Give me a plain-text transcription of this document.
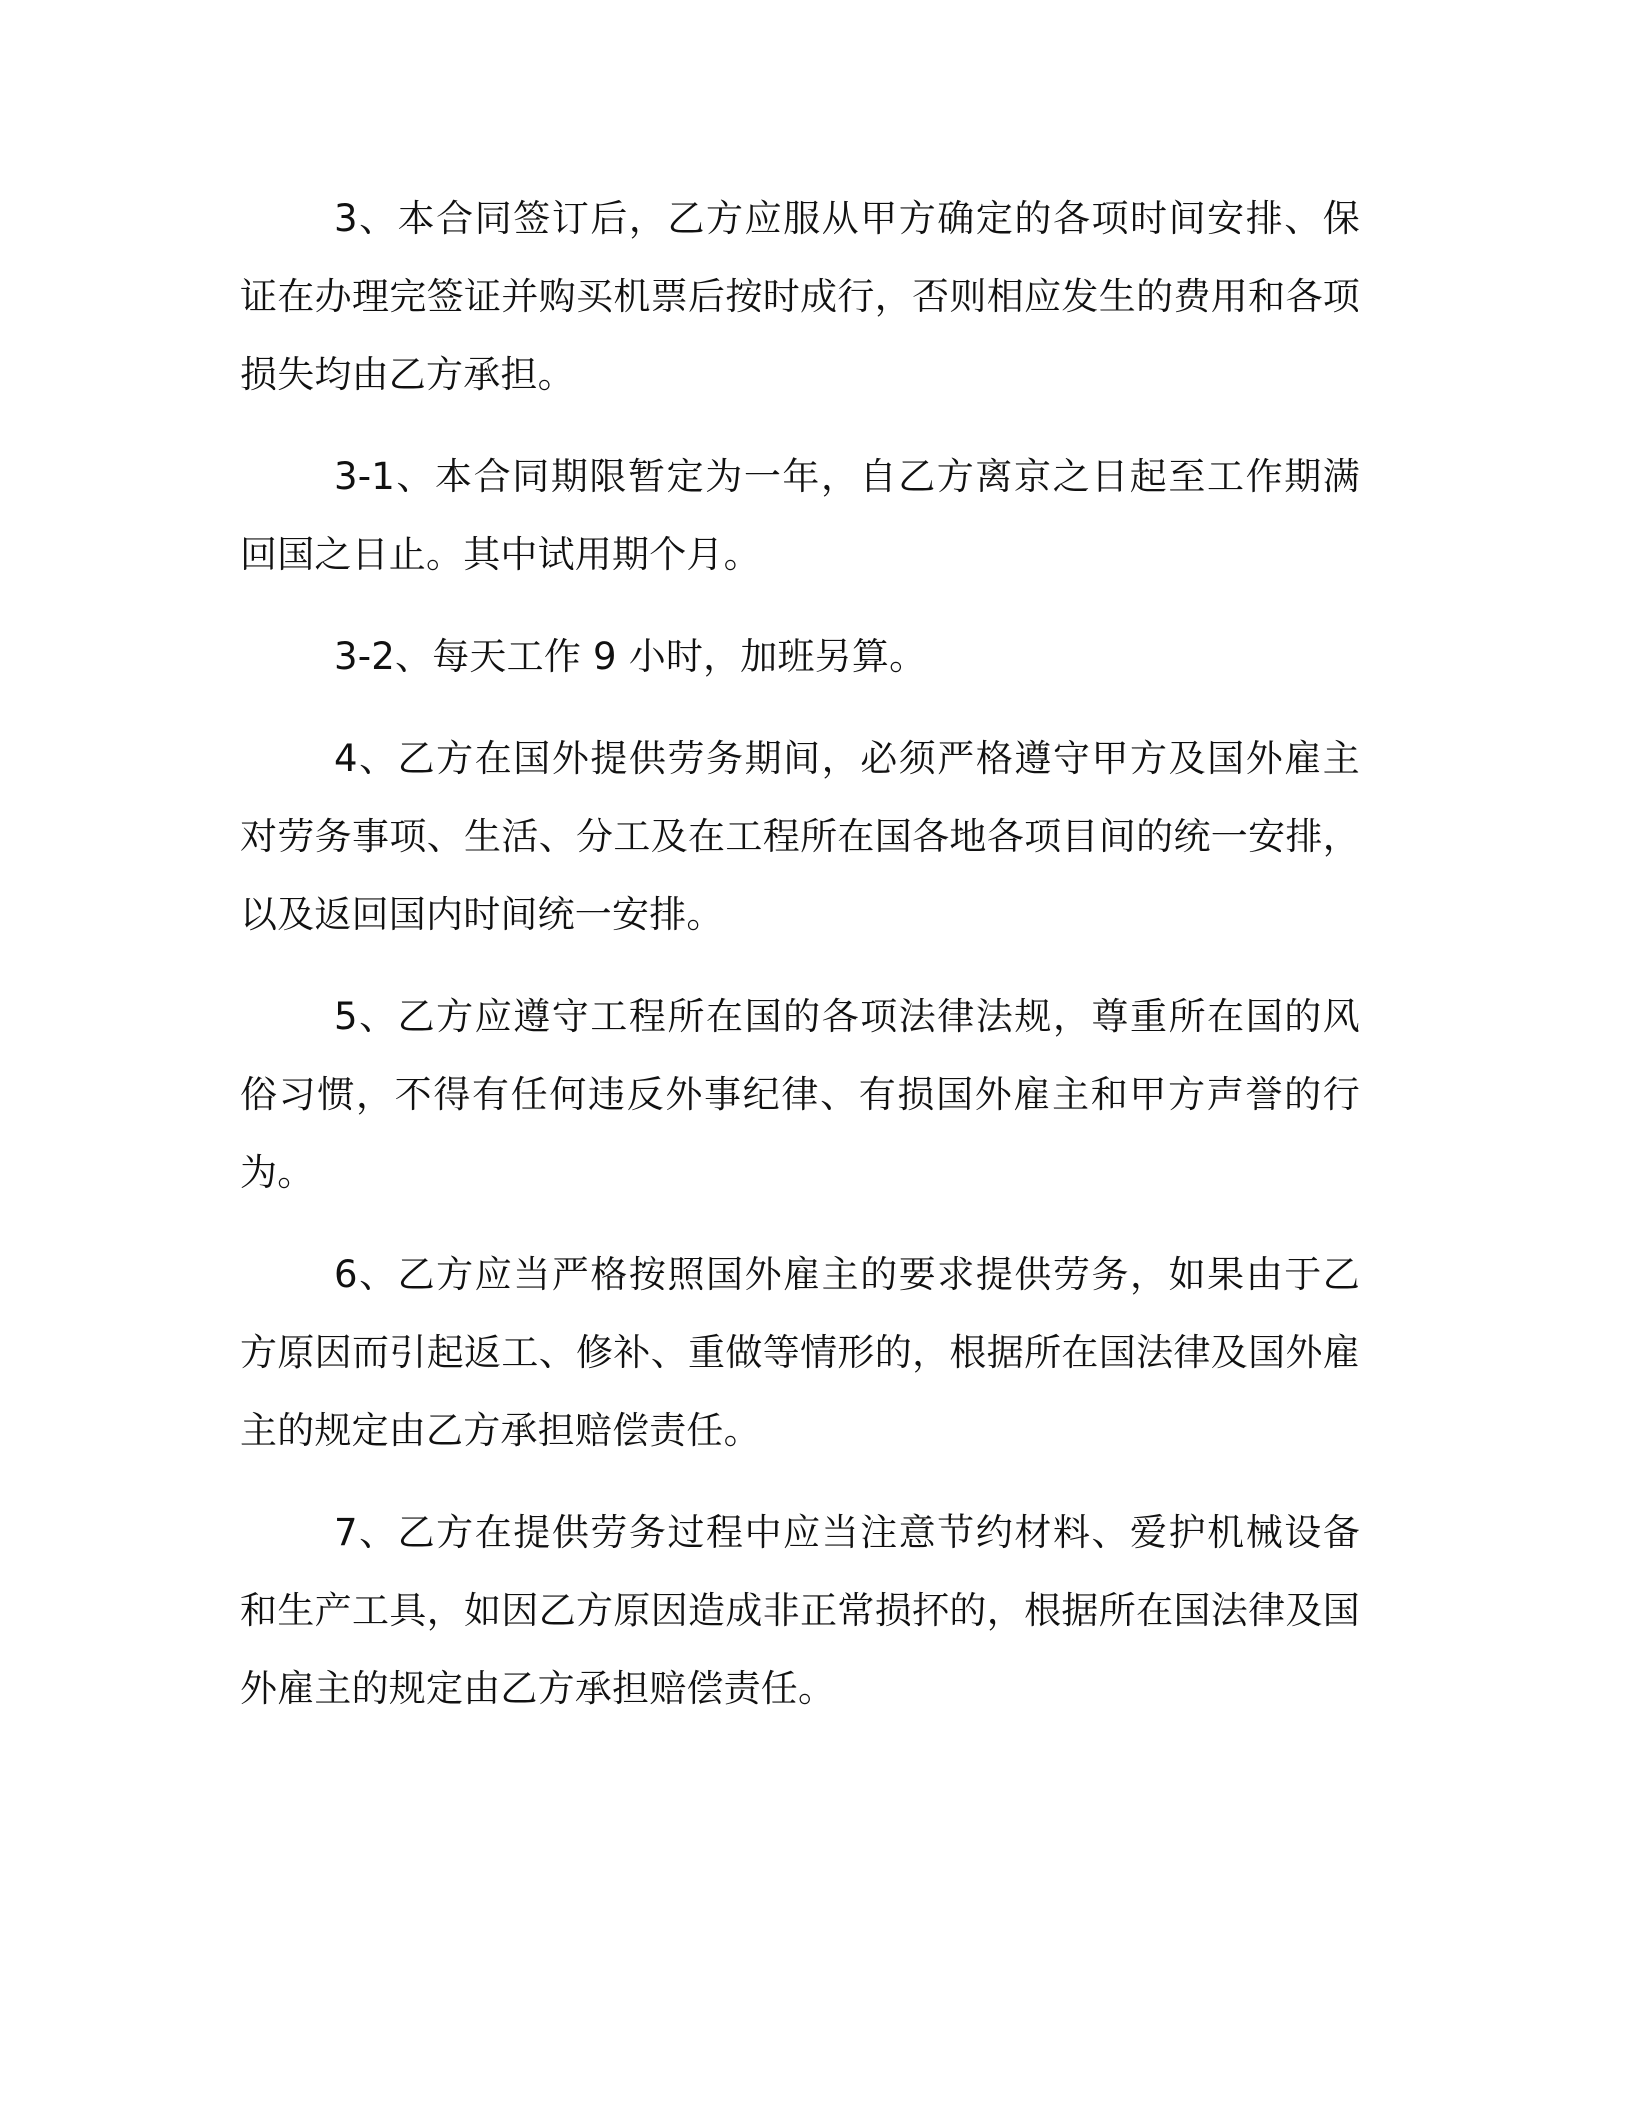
3、本合同签订后，乙方应服从甲方确定的各项时间安排、保证在办理完签证并购买机票后按时成行，否则相应发生的费用和各项损失均由乙方承担。

3-1、本合同期限暂定为一年，自乙方离京之日起至工作期满回国之日止。其中试用期个月。

3-2、每天工作 9 小时，加班另算。

4、乙方在国外提供劳务期间，必须严格遵守甲方及国外雇主对劳务事项、生活、分工及在工程所在国各地各项目间的统一安排，以及返回国内时间统一安排。

5、乙方应遵守工程所在国的各项法律法规，尊重所在国的风俗习惯，不得有任何违反外事纪律、有损国外雇主和甲方声誉的行为。

6、乙方应当严格按照国外雇主的要求提供劳务，如果由于乙方原因而引起返工、修补、重做等情形的，根据所在国法律及国外雇主的规定由乙方承担赔偿责任。

7、乙方在提供劳务过程中应当注意节约材料、爱护机械设备和生产工具，如因乙方原因造成非正常损抔的，根据所在国法律及国外雇主的规定由乙方承担赔偿责任。
